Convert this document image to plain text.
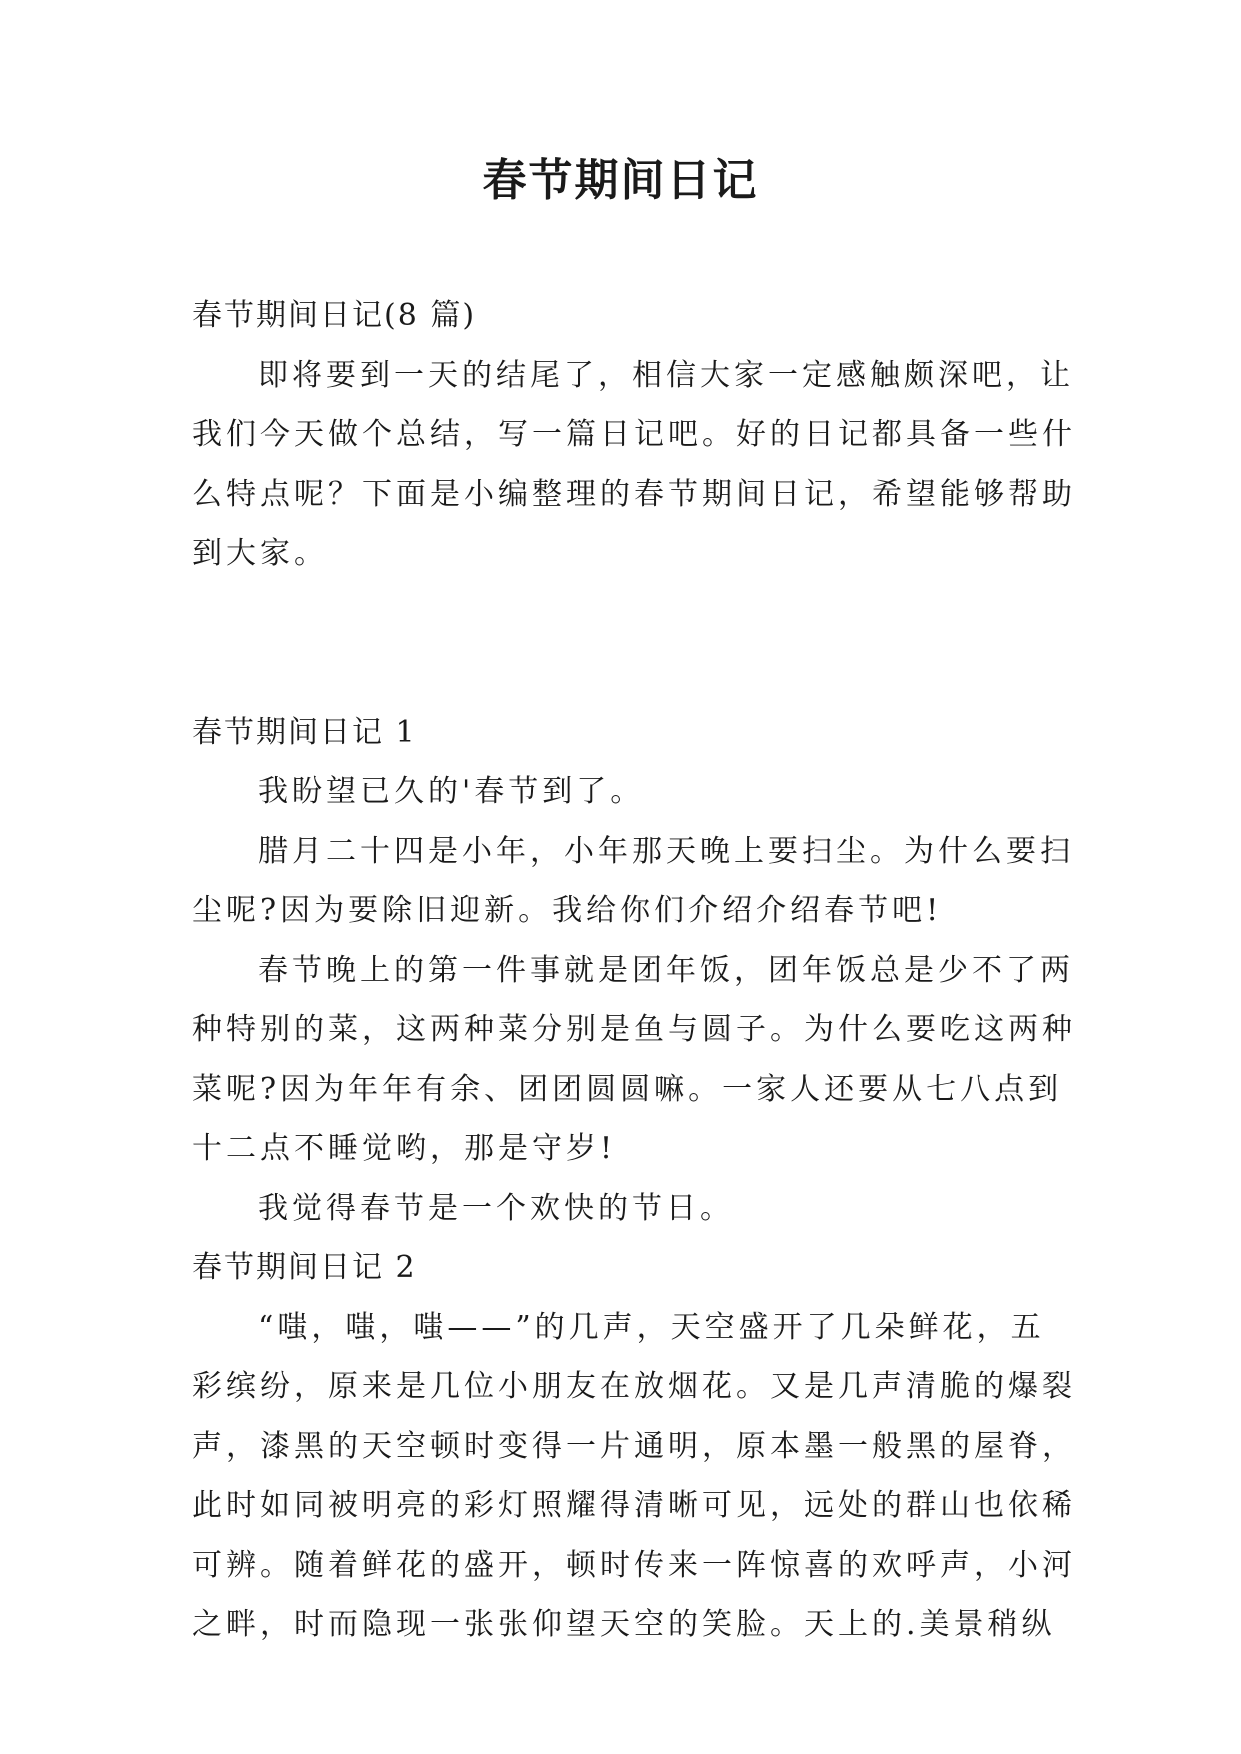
春节期间日记

春节期间日记(8 篇)

即将要到一天的结尾了，相信大家一定感触颇深吧，让

我们今天做个总结，写一篇日记吧。好的日记都具备一些什

么特点呢？下面是小编整理的春节期间日记，希望能够帮助

到大家。

春节期间日记 1

我盼望已久的'春节到了。

腊月二十四是小年，小年那天晚上要扫尘。为什么要扫

尘呢?因为要除旧迎新。我给你们介绍介绍春节吧!

春节晚上的第一件事就是团年饭，团年饭总是少不了两

种特别的菜，这两种菜分别是鱼与圆子。为什么要吃这两种

菜呢?因为年年有余、团团圆圆嘛。一家人还要从七八点到

十二点不睡觉哟，那是守岁!

我觉得春节是一个欢快的节日。

春节期间日记 2

“嗤，嗤，嗤——”的几声，天空盛开了几朵鲜花，五

彩缤纷，原来是几位小朋友在放烟花。又是几声清脆的爆裂

声，漆黑的天空顿时变得一片通明，原本墨一般黑的屋脊，

此时如同被明亮的彩灯照耀得清晰可见，远处的群山也依稀

可辨。随着鲜花的盛开，顿时传来一阵惊喜的欢呼声，小河

之畔，时而隐现一张张仰望天空的笑脸。天上的.美景稍纵
